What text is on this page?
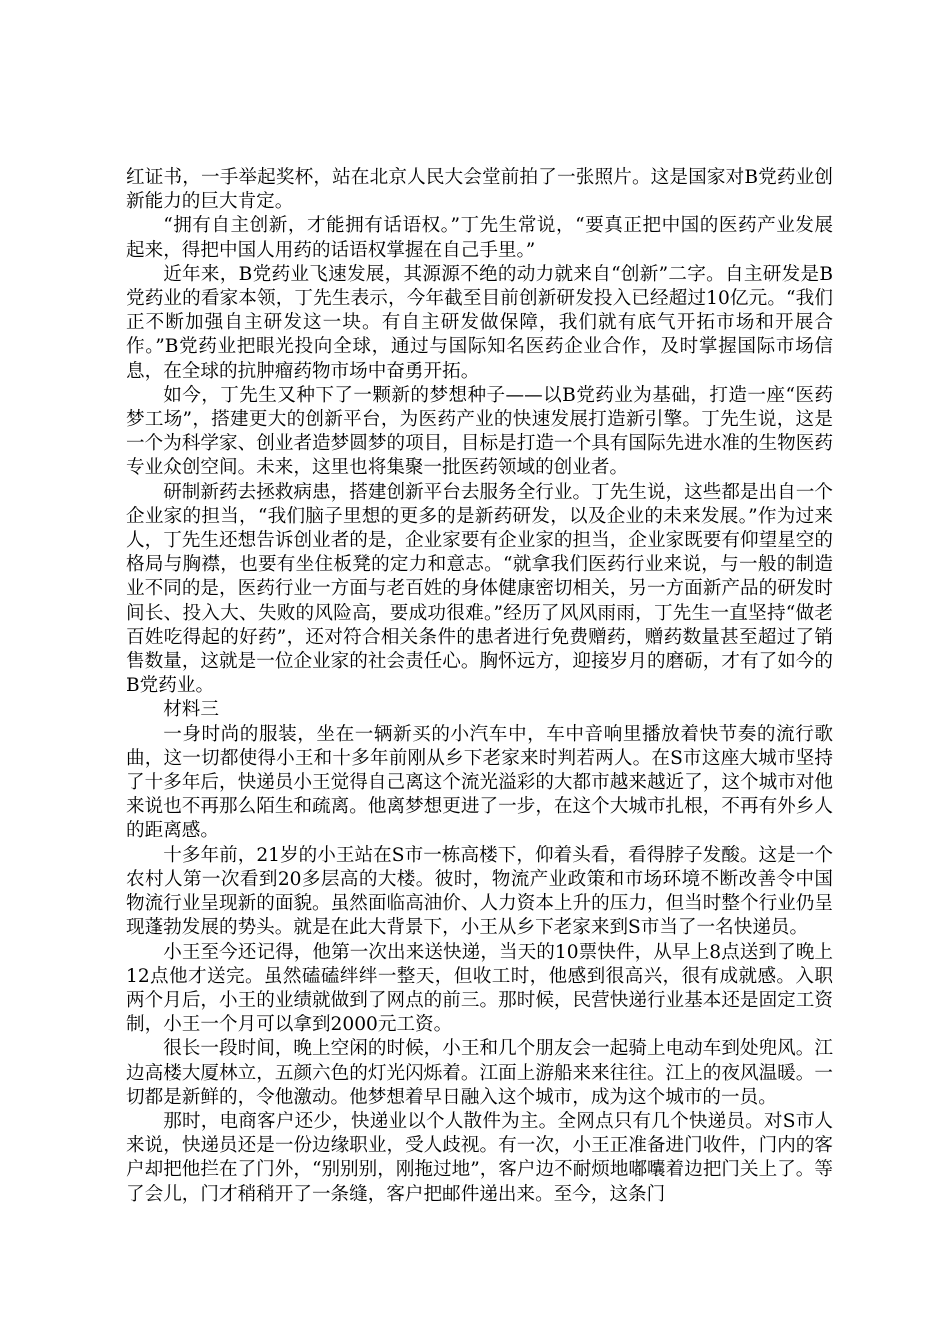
红证书，一手举起奖杯，站在北京人民大会堂前拍了一张照片。这是国家对B党药业创新能力的巨大肯定。

“拥有自主创新，才能拥有话语权。”丁先生常说，“要真正把中国的医药产业发展起来，得把中国人用药的话语权掌握在自己手里。”

近年来，B党药业飞速发展，其源源不绝的动力就来自“创新”二字。自主研发是B党药业的看家本领，丁先生表示，今年截至目前创新研发投入已经超过10亿元。“我们正不断加强自主研发这一块。有自主研发做保障，我们就有底气开拓市场和开展合作。”B党药业把眼光投向全球，通过与国际知名医药企业合作，及时掌握国际市场信息，在全球的抗肿瘤药物市场中奋勇开拓。

如今，丁先生又种下了一颗新的梦想种子——以B党药业为基础，打造一座“医药梦工场”，搭建更大的创新平台，为医药产业的快速发展打造新引擎。丁先生说，这是一个为科学家、创业者造梦圆梦的项目，目标是打造一个具有国际先进水准的生物医药专业众创空间。未来，这里也将集聚一批医药领域的创业者。

研制新药去拯救病患，搭建创新平台去服务全行业。丁先生说，这些都是出自一个企业家的担当，“我们脑子里想的更多的是新药研发，以及企业的未来发展。”作为过来人，丁先生还想告诉创业者的是，企业家要有企业家的担当，企业家既要有仰望星空的格局与胸襟，也要有坐住板凳的定力和意志。“就拿我们医药行业来说，与一般的制造业不同的是，医药行业一方面与老百姓的身体健康密切相关，另一方面新产品的研发时间长、投入大、失败的风险高，要成功很难。”经历了风风雨雨，丁先生一直坚持“做老百姓吃得起的好药”，还对符合相关条件的患者进行免费赠药，赠药数量甚至超过了销售数量，这就是一位企业家的社会责任心。胸怀远方，迎接岁月的磨砺，才有了如今的B党药业。

材料三

一身时尚的服装，坐在一辆新买的小汽车中，车中音响里播放着快节奏的流行歌曲，这一切都使得小王和十多年前刚从乡下老家来时判若两人。在S市这座大城市坚持了十多年后，快递员小王觉得自己离这个流光溢彩的大都市越来越近了，这个城市对他来说也不再那么陌生和疏离。他离梦想更进了一步，在这个大城市扎根，不再有外乡人的距离感。

十多年前，21岁的小王站在S市一栋高楼下，仰着头看，看得脖子发酸。这是一个农村人第一次看到20多层高的大楼。彼时，物流产业政策和市场环境不断改善令中国物流行业呈现新的面貌。虽然面临高油价、人力资本上升的压力，但当时整个行业仍呈现蓬勃发展的势头。就是在此大背景下，小王从乡下老家来到S市当了一名快递员。

小王至今还记得，他第一次出来送快递，当天的10票快件，从早上8点送到了晚上12点他才送完。虽然磕磕绊绊一整天，但收工时，他感到很高兴，很有成就感。入职两个月后，小王的业绩就做到了网点的前三。那时候，民营快递行业基本还是固定工资制，小王一个月可以拿到2000元工资。

很长一段时间，晚上空闲的时候，小王和几个朋友会一起骑上电动车到处兜风。江边高楼大厦林立，五颜六色的灯光闪烁着。江面上游船来来往往。江上的夜风温暖。一切都是新鲜的，令他激动。他梦想着早日融入这个城市，成为这个城市的一员。

那时，电商客户还少，快递业以个人散件为主。全网点只有几个快递员。对S市人来说，快递员还是一份边缘职业，受人歧视。有一次，小王正准备进门收件，门内的客户却把他拦在了门外，“别别别，刚拖过地”，客户边不耐烦地嘟囔着边把门关上了。等了会儿，门才稍稍开了一条缝，客户把邮件递出来。至今，这条门
